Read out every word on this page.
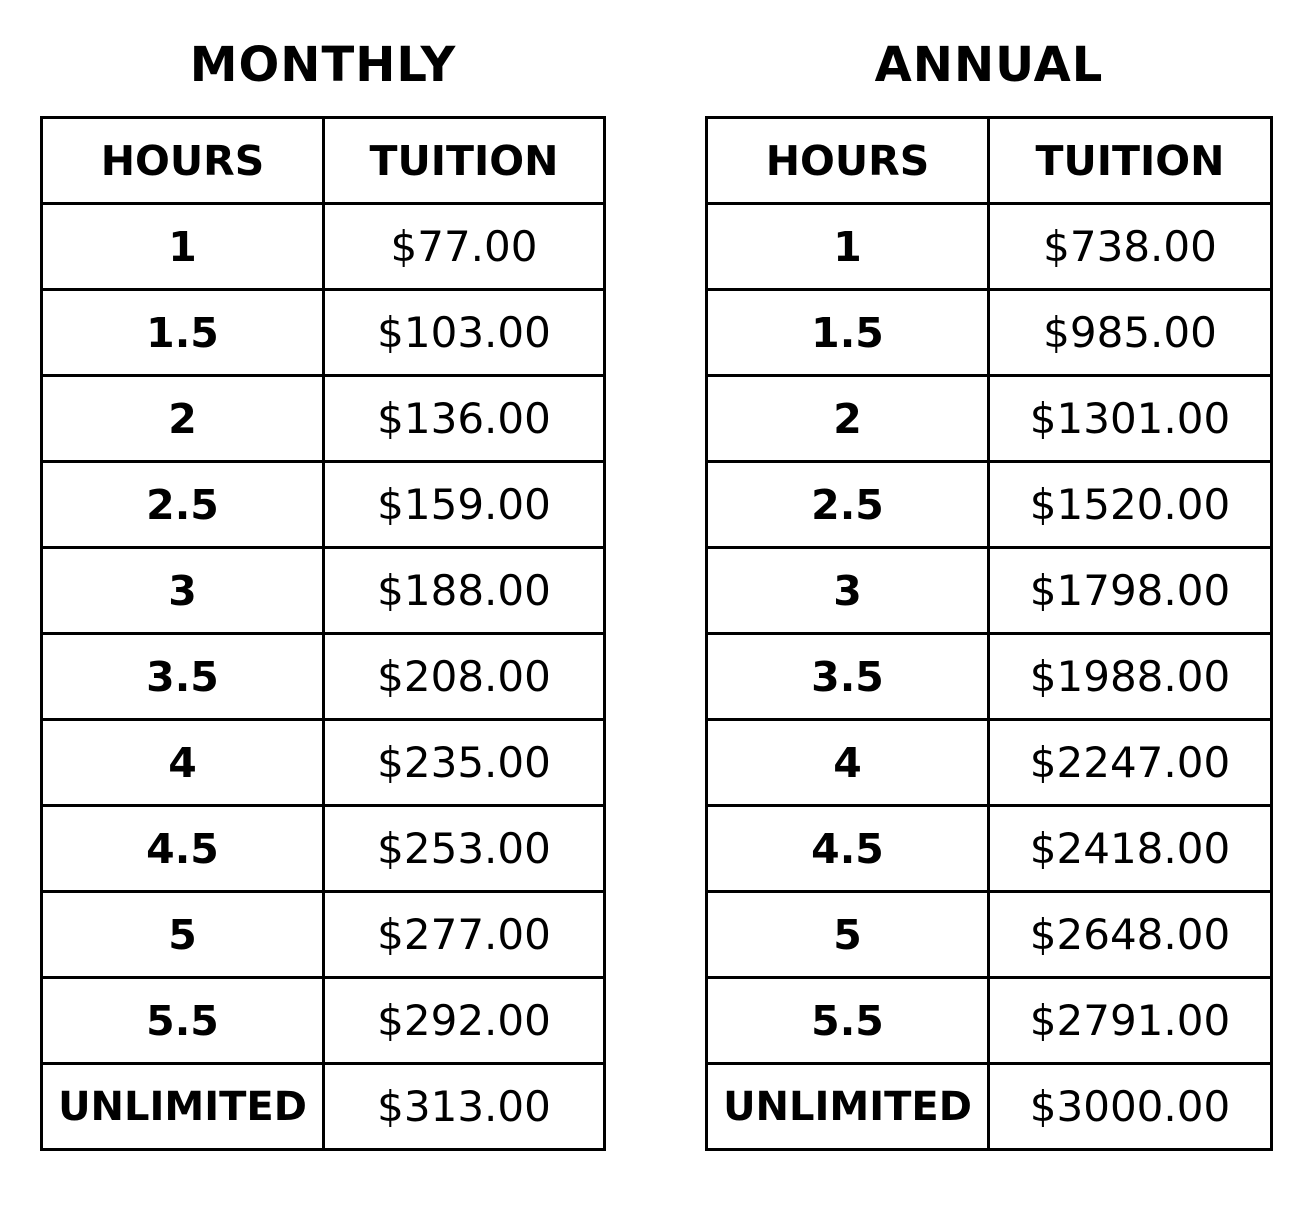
MONTHLY
HOURS	TUITION
1	$77.00
1.5	$103.00
2	$136.00
2.5	$159.00
3	$188.00
3.5	$208.00
4	$235.00
4.5	$253.00
5	$277.00
5.5	$292.00
UNLIMITED	$313.00
ANNUAL
HOURS	TUITION
1	$738.00
1.5	$985.00
2	$1301.00
2.5	$1520.00
3	$1798.00
3.5	$1988.00
4	$2247.00
4.5	$2418.00
5	$2648.00
5.5	$2791.00
UNLIMITED	$3000.00
